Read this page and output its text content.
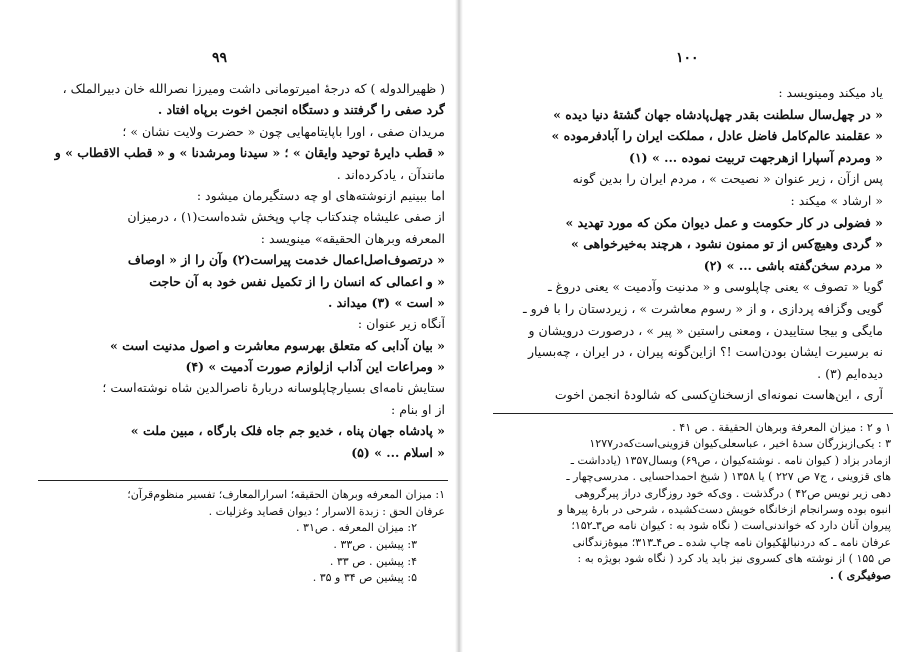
۹۹
( ظهیرالدوله ) که درجهٔ امیرتومانی داشت ومیرزا نصرالله خان دبیرالملک ،
گرد صفی را گرفتند و دستگاه انجمن اخوت برپاه افتاد .
مریدان صفی ، اورا باپایتامهایی چون « حضرت ولایت نشان » ؛
« قطب دایرهٔ توحید وایقان » ؛ « سیدنا ومرشدنا » و « قطب الاقطاب » و
مانندآن ، یادکرده‌اند .
اما ببینیم ازنوشته‌های او چه دستگیرمان میشود :
از صفی علیشاه چندکتاب چاپ وپخش شده‌است(۱) ، درمیزان
المعرفه وبرهان الحقیقه» مینویسد :
« درتصوف‌اصل‌اعمال خدمت پیراست(۲) وآن را از « اوصاف
« و اعمالی که انسان را از تکمیل نفس خود به آن حاجت
« است » (۳) میداند .
آنگاه زیر عنوان :
« بیان آدابی که متعلق بهرسوم معاشرت و اصول مدنیت است »
« ومراعات این آداب ازلوازم صورت آدمیت » (۴)
ستایش نامه‌ای بسیارچاپلوسانه دربارهٔ ناصرالدین شاه نوشته‌است ؛
از او بنام :
« پادشاه جهان پناه ، خدیو جم جاه فلک بارگاه ، مبین ملت »
« اسلام ... » (۵)
۱: میزان المعرفه وبرهان الحقیقه؛ اسرارالمعارف؛ تفسیر منظوم‌قرآن؛
عرفان الحق : زبدة الاسرار ؛ دیوان قصاید وغزلیات .
۲: میزان المعرفه . ص۳۱ .
۳: پیشین . ص۳۳ .
۴: پیشین . ص ۳۳ .
۵: پیشین ص ۳۴ و ۳۵ .
۱۰۰
یاد میکند ومینویسد :
« در چهل‌سال سلطنت بقدر چهل‌پادشاه جهان گشتهٔ دنیا دیده »
« عقلمند عالم‌کامل فاضل عادل ، مملکت ایران را آبادفرموده »
« ومردم آسپارا ازهرجهت تربیت نموده ... » (۱)
پس ازآن ، زیر عنوان « نصیحت » ، مردم ایران را بدین گونه
« ارشاد » میکند :
« فضولی در کار حکومت و عمل دیوان مکن که مورد تهدید »
« گردی وهیچ‌کس از تو ممنون نشود ، هرچند به‌خیرخواهی »
« مردم سخن‌گفته باشی ... » (۲)
گویا « تصوف » یعنی چاپلوسی و « مدنیت وآدمیت » یعنی دروغ ـ
گویی وگزافه پردازی ، و از « رسوم معاشرت » ، زیردستان را با فرو ـ
مایگی و بیجا ستاییدن ، ومعنی راستین « پیر » ، درصورت درویشان و
نه برسیرت ایشان بودن‌است !؟ ازاین‌گونه پیران ، در ایران ، چه‌بسیار
دیده‌ایم (۳) .
آری ، این‌هاست نمونه‌ای ازسخنانِ‌کسی که شالودهٔ انجمن اخوت
۱ و ۲ : میزان المعرفة وبرهان الحقیقة . ص ۴۱ .
۳ : یکی‌ازبزرگان سدهٔ اخیر ، عباسعلی‌کیوان قزوینی‌است‌که‌در۱۲۷۷
ازمادر بزاد ( کیوان نامه . نوشته‌کیوان ، ص۶۹) وبسال۱۳۵۷ (یادداشت ـ
های قزوینی ، ج۷ ص ۲۲۷ ) یا ۱۳۵۸ ( شیخ احمداحسایی . مدرسی‌چهار ـ
دهی زیر نویس ص۴۲ ) درگذشت . وی‌که خود روزگاری دراز پیرگروهی
انبوه بوده وسرانجام ازخانگاه خویش دست‌کشیده ، شرحی در بارهٔ پیرها و
پیروان آنان دارد که خواندنی‌است ( نگاه شود به : کیوان نامه ص۳ـ۱۵۲؛
عرفان نامه ـ که دردنبالهٔکیوان نامه چاپ شده ـ ص۴ـ۳۱۳؛ میوهٔ‌زندگانی
ص ۱۵۵ ) از نوشته های کسروی نیز باید یاد کرد ( نگاه شود بویژه به :
صوفیگری ) .
